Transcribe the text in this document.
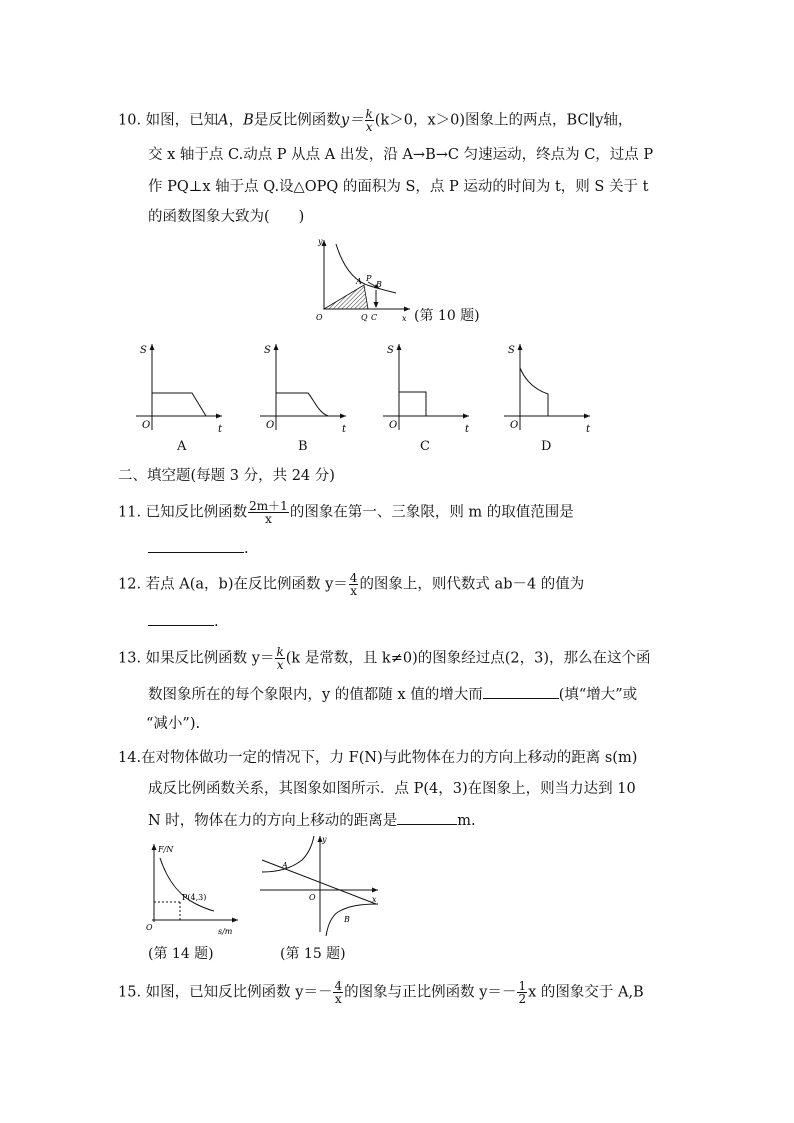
10. 如图，已知A，B是反比例函数$y= \frac{k}{x} (k>0$，x＞0)图象上的两点，BC∥y轴，
交 x 轴于点 C.动点 P 从点 A 出发，沿 A→B→C 匀速运动，终点为 C，过点 P
作 PQ⊥x 轴于点 Q.设△OPQ 的面积为 S，点 P 运动的时间为 t，则 S 关于 t
的函数图象大致为(　　)
y
x
O
A P
B
Q C	(第 10 题)
S
t
O
A
S
t
O
B
S
t
O
C
S
t
O
D
二、填空题(每题 3 分，共 24 分)
11. 已知反比例函数 $\frac{2m+1}{x}$ 的图象在第一、三象限，则 m 的取值范围是
.
12. 若点 A(a，b)在反比例函数 $y= \frac{4}{x}$ 的图象上，则代数式 ab－4 的值为
.
13. 如果反比例函数 $y= \frac{k}{x} (k$ 是常数，且 k≠0)的图象经过点(2，3)，那么在这个函
数图象所在的每个象限内，y 的值都随 x 值的增大而	(填“增大”或
“减小”).
14.在对物体做功一定的情况下，力 F(N)与此物体在力的方向上移动的距离 s(m)
成反比例函数关系，其图象如图所示．点 P(4，3)在图象上，则当力达到 10
N 时，物体在力的方向上移动的距离是	m.
F/N
s/m
O
P(4,3)
(第 14 题)
y
x
O
A
B
(第 15 题)
15. 如图，已知反比例函数 $y=- \frac{4}{x}$ 的图象与正比例函数 $y=- \frac{1}{2}$ x 的图象交于 A,B
